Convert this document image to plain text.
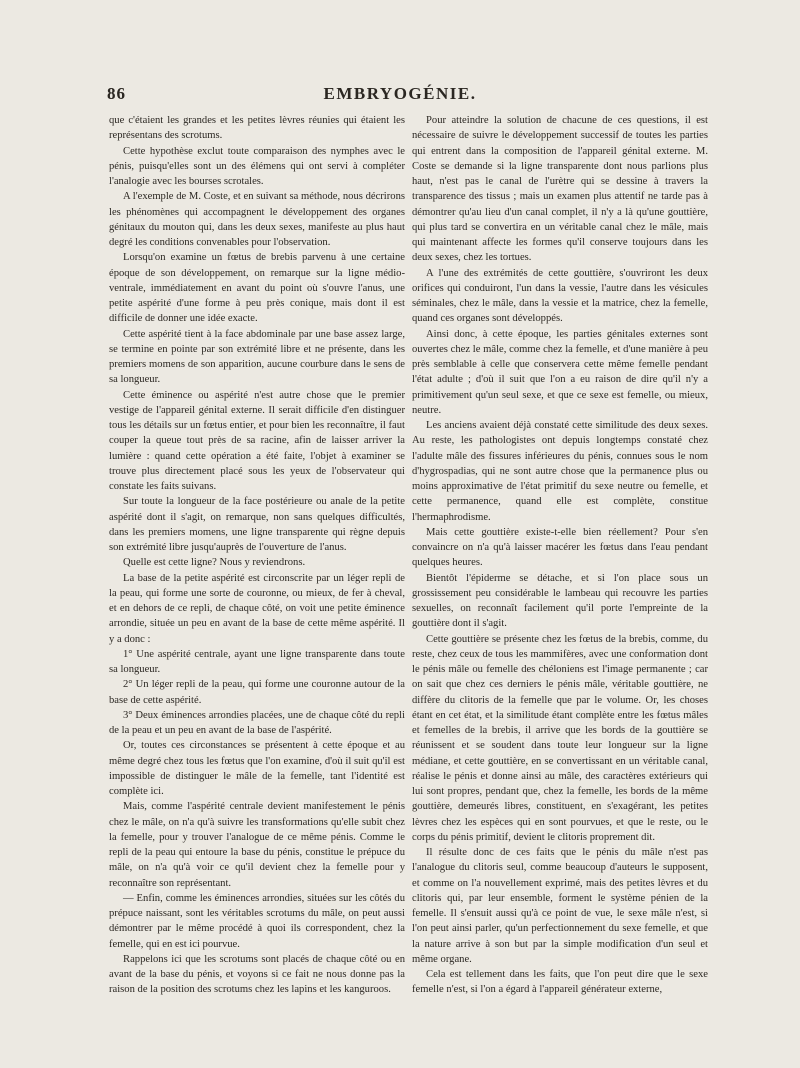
86	EMBRYOGÉNIE.

que c'étaient les grandes et les petites lèvres réunies qui étaient les représentans des scrotums.

Cette hypothèse exclut toute comparaison des nymphes avec le pénis, puisqu'elles sont un des élémens qui ont servi à compléter l'analogie avec les bourses scrotales.

A l'exemple de M. Coste, et en suivant sa méthode, nous décrirons les phénomènes qui accompagnent le développement des organes génitaux du mouton qui, dans les deux sexes, manifeste au plus haut degré les conditions convenables pour l'observation.

Lorsqu'on examine un fœtus de brebis parvenu à une certaine époque de son développement, on remarque sur la ligne médio-ventrale, immédiatement en avant du point où s'ouvre l'anus, une petite aspérité d'une forme à peu près conique, mais dont il est difficile de donner une idée exacte.

Cette aspérité tient à la face abdominale par une base assez large, se termine en pointe par son extrémité libre et ne présente, dans les premiers momens de son apparition, aucune courbure dans le sens de sa longueur.

Cette éminence ou aspérité n'est autre chose que le premier vestige de l'appareil génital externe. Il serait difficile d'en distinguer tous les détails sur un fœtus entier, et pour bien les reconnaître, il faut couper la queue tout près de sa racine, afin de laisser arriver la lumière : quand cette opération a été faite, l'objet à examiner se trouve plus directement placé sous les yeux de l'observateur qui constate les faits suivans.

Sur toute la longueur de la face postérieure ou anale de la petite aspérité dont il s'agit, on remarque, non sans quelques difficultés, dans les premiers momens, une ligne transparente qui règne depuis son extrémité libre jusqu'auprès de l'ouverture de l'anus.

Quelle est cette ligne? Nous y reviendrons.

La base de la petite aspérité est circonscrite par un léger repli de la peau, qui forme une sorte de couronne, ou mieux, de fer à cheval, et en dehors de ce repli, de chaque côté, on voit une petite éminence arrondie, située un peu en avant de la base de cette même aspérité. Il y a donc :

1° Une aspérité centrale, ayant une ligne transparente dans toute sa longueur.

2° Un léger repli de la peau, qui forme une couronne autour de la base de cette aspérité.

3° Deux éminences arrondies placées, une de chaque côté du repli de la peau et un peu en avant de la base de l'aspérité.

Or, toutes ces circonstances se présentent à cette époque et au même degré chez tous les fœtus que l'on examine, d'où il suit qu'il est impossible de distinguer le mâle de la femelle, tant l'identité est complète ici.

Mais, comme l'aspérité centrale devient manifestement le pénis chez le mâle, on n'a qu'à suivre les transformations qu'elle subit chez la femelle, pour y trouver l'analogue de ce même pénis. Comme le repli de la peau qui entoure la base du pénis, constitue le prépuce du mâle, on n'a qu'à voir ce qu'il devient chez la femelle pour y reconnaître son représentant.

— Enfin, comme les éminences arrondies, situées sur les côtés du prépuce naissant, sont les véritables scrotums du mâle, on peut aussi démontrer par le même procédé à quoi ils correspondent, chez la femelle, qui en est ici pourvue.

Rappelons ici que les scrotums sont placés de chaque côté ou en avant de la base du pénis, et voyons si ce fait ne nous donne pas la raison de la position des scrotums chez les lapins et les kanguroos.

Pour atteindre la solution de chacune de ces questions, il est nécessaire de suivre le développement successif de toutes les parties qui entrent dans la composition de l'appareil génital externe. M. Coste se demande si la ligne transparente dont nous parlions plus haut, n'est pas le canal de l'urètre qui se dessine à travers la transparence des tissus ; mais un examen plus attentif ne tarde pas à démontrer qu'au lieu d'un canal complet, il n'y a là qu'une gouttière, qui plus tard se convertira en un véritable canal chez le mâle, mais qui maintenant affecte les formes qu'il conserve toujours dans les deux sexes, chez les tortues.

A l'une des extrémités de cette gouttière, s'ouvriront les deux orifices qui conduiront, l'un dans la vessie, l'autre dans les vésicules séminales, chez le mâle, dans la vessie et la matrice, chez la femelle, quand ces organes sont développés.

Ainsi donc, à cette époque, les parties génitales externes sont ouvertes chez le mâle, comme chez la femelle, et d'une manière à peu près semblable à celle que conservera cette même femelle pendant l'état adulte ; d'où il suit que l'on a eu raison de dire qu'il n'y a primitivement qu'un seul sexe, et que ce sexe est femelle, ou mieux, neutre.

Les anciens avaient déjà constaté cette similitude des deux sexes. Au reste, les pathologistes ont depuis longtemps constaté chez l'adulte mâle des fissures inférieures du pénis, connues sous le nom d'hygrospadias, qui ne sont autre chose que la permanence plus ou moins approximative de l'état primitif du sexe neutre ou femelle, et cette permanence, quand elle est complète, constitue l'hermaphrodisme.

Mais cette gouttière existe-t-elle bien réellement? Pour s'en convaincre on n'a qu'à laisser macérer les fœtus dans l'eau pendant quelques heures.

Bientôt l'épiderme se détache, et si l'on place sous un grossissement peu considérable le lambeau qui recouvre les parties sexuelles, on reconnaît facilement qu'il porte l'empreinte de la gouttière dont il s'agit.

Cette gouttière se présente chez les fœtus de la brebis, comme, du reste, chez ceux de tous les mammifères, avec une conformation dont le pénis mâle ou femelle des chéloniens est l'image permanente ; car on sait que chez ces derniers le pénis mâle, véritable gouttière, ne diffère du clitoris de la femelle que par le volume. Or, les choses étant en cet état, et la similitude étant complète entre les fœtus mâles et femelles de la brebis, il arrive que les bords de la gouttière se réunissent et se soudent dans toute leur longueur sur la ligne médiane, et cette gouttière, en se convertissant en un véritable canal, réalise le pénis et donne ainsi au mâle, des caractères extérieurs qui lui sont propres, pendant que, chez la femelle, les bords de la même gouttière, demeurés libres, constituent, en s'exagérant, les petites lèvres chez les espèces qui en sont pourvues, et que le reste, ou le corps du pénis primitif, devient le clitoris proprement dit.

Il résulte donc de ces faits que le pénis du mâle n'est pas l'analogue du clitoris seul, comme beaucoup d'auteurs le supposent, et comme on l'a nouvellement exprimé, mais des petites lèvres et du clitoris qui, par leur ensemble, forment le système pénien de la femelle. Il s'ensuit aussi qu'à ce point de vue, le sexe mâle n'est, si l'on peut ainsi parler, qu'un perfectionnement du sexe femelle, et que la nature arrive à son but par la simple modification d'un seul et même organe.

Cela est tellement dans les faits, que l'on peut dire que le sexe femelle n'est, si l'on a égard à l'appareil générateur externe,
